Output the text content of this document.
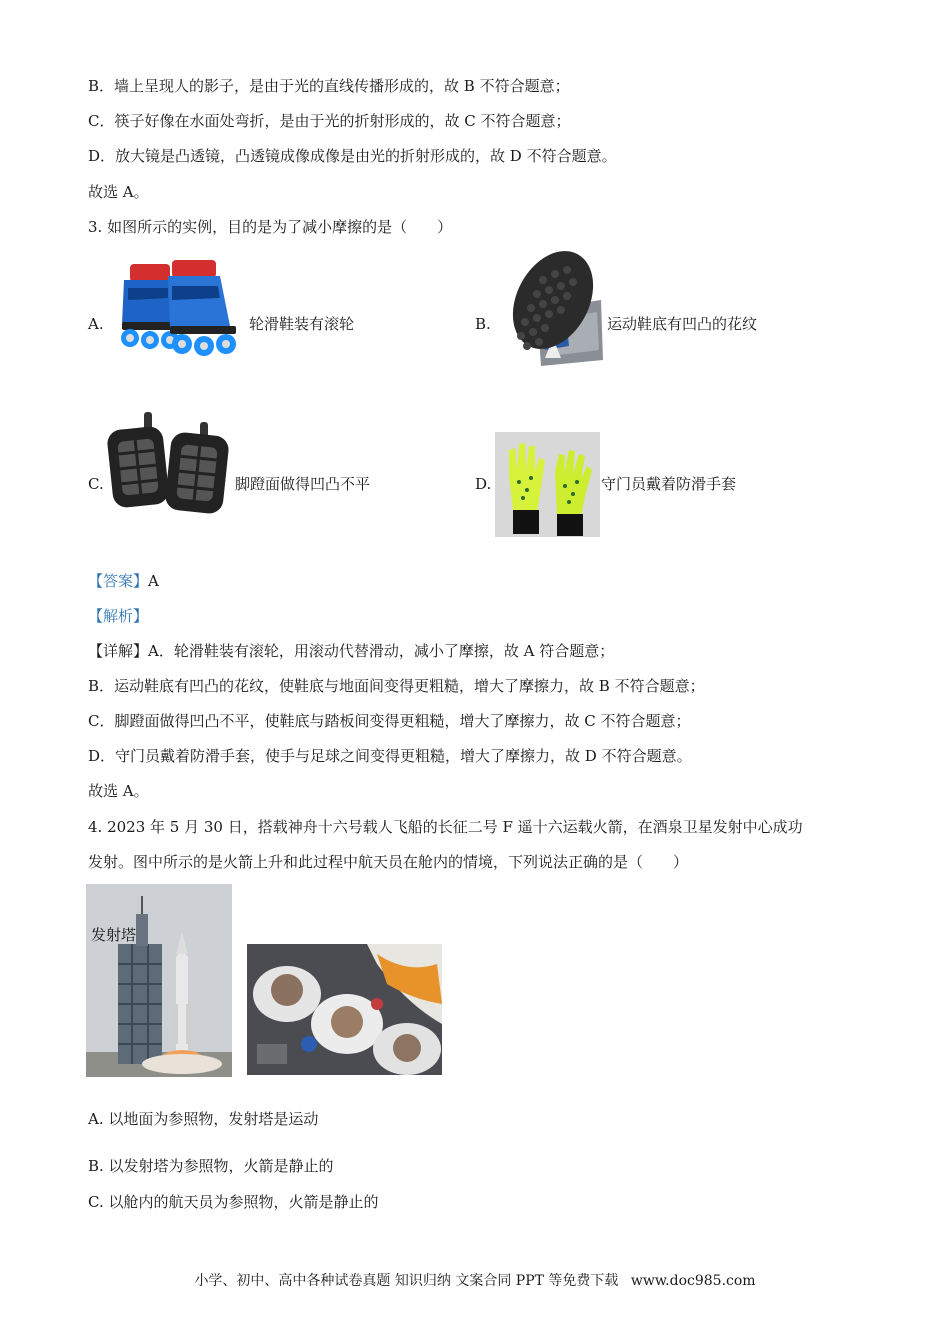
B．墙上呈现人的影子，是由于光的直线传播形成的，故 B 不符合题意；
C．筷子好像在水面处弯折，是由于光的折射形成的，故 C 不符合题意；
D．放大镜是凸透镜，凸透镜成像成像是由光的折射形成的，故 D 不符合题意。
故选 A。
3. 如图所示的实例，目的是为了减小摩擦的是（　　）
A.	轮滑鞋装有滚轮	B.	运动鞋底有凹凸的花纹
C.	脚蹬面做得凹凸不平	D.	守门员戴着防滑手套
【答案】A
【解析】
【详解】A．轮滑鞋装有滚轮，用滚动代替滑动，减小了摩擦，故 A 符合题意；
B．运动鞋底有凹凸的花纹，使鞋底与地面间变得更粗糙，增大了摩擦力，故 B 不符合题意；
C．脚蹬面做得凹凸不平，使鞋底与踏板间变得更粗糙，增大了摩擦力，故 C 不符合题意；
D．守门员戴着防滑手套，使手与足球之间变得更粗糙，增大了摩擦力，故 D 不符合题意。
故选 A。
4. 2023 年 5 月 30 日，搭载神舟十六号载人飞船的长征二号 F 遥十六运载火箭，在酒泉卫星发射中心成功
发射。图中所示的是火箭上升和此过程中航天员在舱内的情境，下列说法正确的是（　　）
发射塔
A. 以地面为参照物，发射塔是运动
B. 以发射塔为参照物，火箭是静止的
C. 以舱内的航天员为参照物，火箭是静止的
小学、初中、高中各种试卷真题 知识归纳 文案合同 PPT 等免费下载 www.doc985.com
